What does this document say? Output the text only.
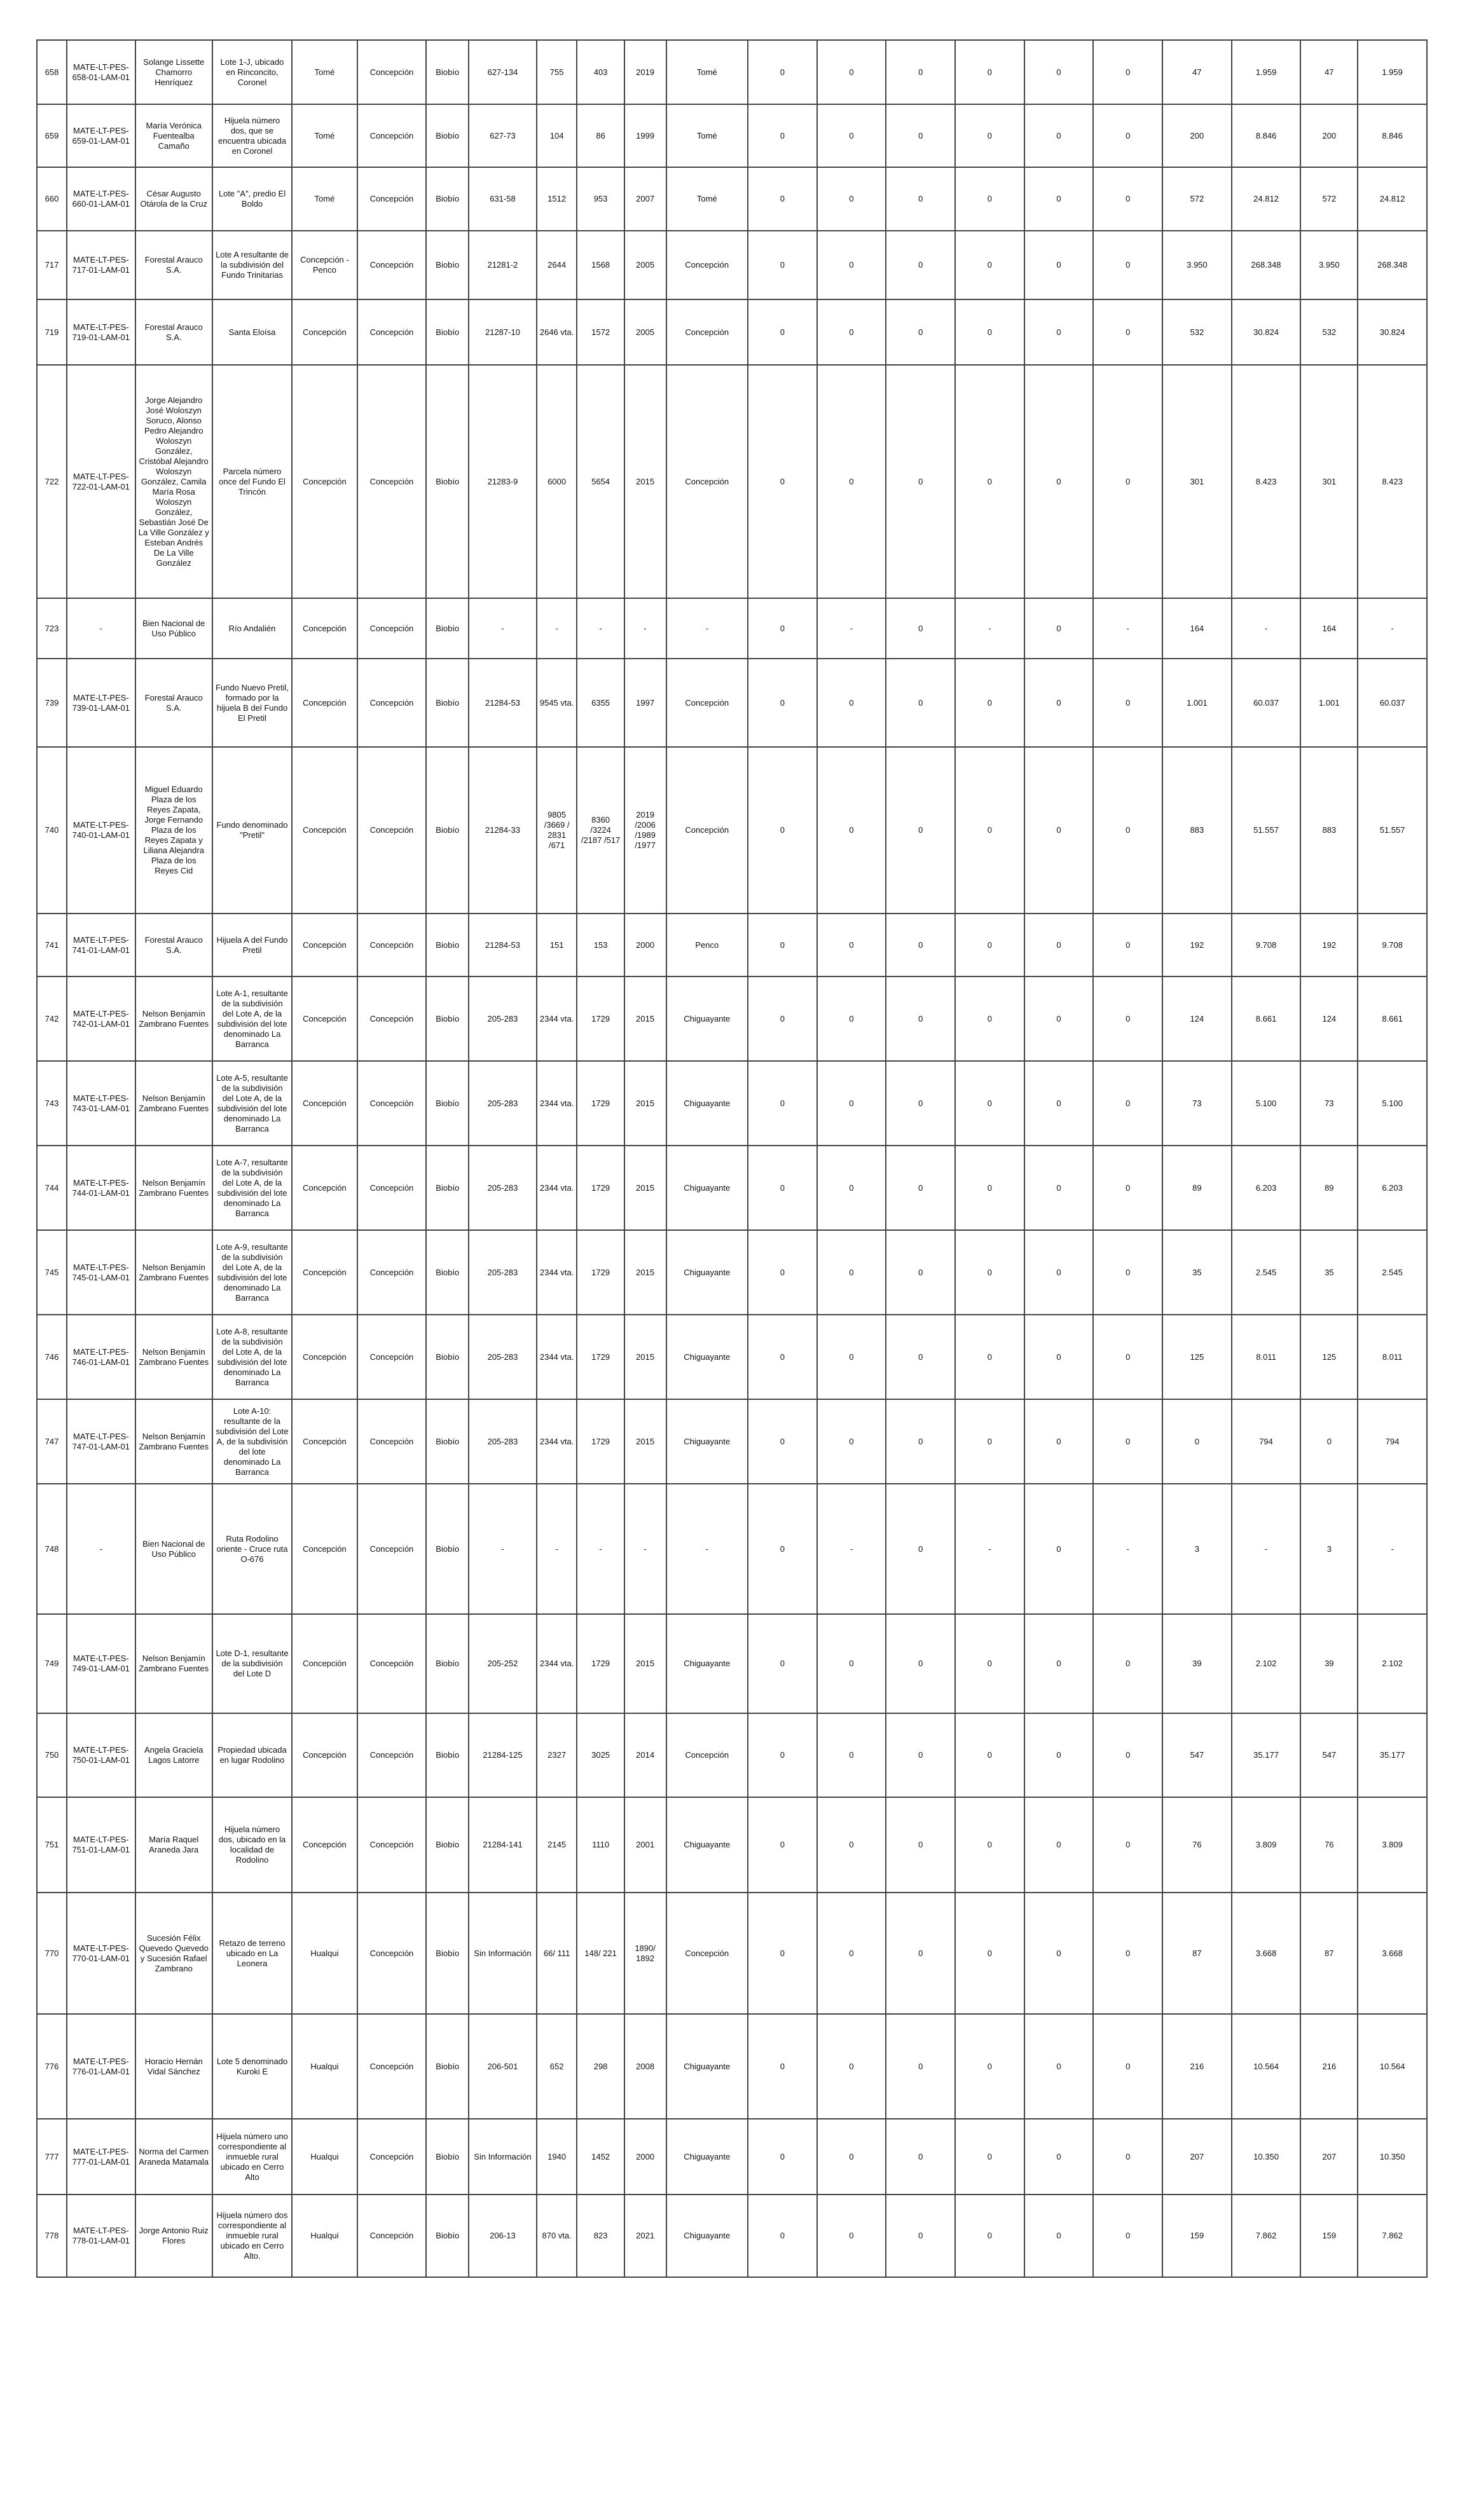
658	MATE-LT-PES-658-01-LAM-01	Solange Lissette Chamorro Henríquez	Lote 1-J, ubicado en Rinconcito, Coronel	Tomé	Concepción	Biobío	627-134	755	403	2019	Tomé	0	0	0	0	0	0	47	1.959	47	1.959
659	MATE-LT-PES-659-01-LAM-01	María Verónica Fuentealba Camaño	Hijuela número dos, que se encuentra ubicada en Coronel	Tomé	Concepción	Biobío	627-73	104	86	1999	Tomé	0	0	0	0	0	0	200	8.846	200	8.846
660	MATE-LT-PES-660-01-LAM-01	César Augusto Otárola de la Cruz	Lote "A", predio El Boldo	Tomé	Concepción	Biobío	631-58	1512	953	2007	Tomé	0	0	0	0	0	0	572	24.812	572	24.812
717	MATE-LT-PES-717-01-LAM-01	Forestal Arauco S.A.	Lote A resultante de la subdivisión del Fundo Trinitarias	Concepción - Penco	Concepción	Biobío	21281-2	2644	1568	2005	Concepción	0	0	0	0	0	0	3.950	268.348	3.950	268.348
719	MATE-LT-PES-719-01-LAM-01	Forestal Arauco S.A.	Santa Eloísa	Concepción	Concepción	Biobío	21287-10	2646 vta.	1572	2005	Concepción	0	0	0	0	0	0	532	30.824	532	30.824
722	MATE-LT-PES-722-01-LAM-01	Jorge Alejandro José Woloszyn Soruco, Alonso Pedro Alejandro Woloszyn González, Cristóbal Alejandro Woloszyn González, Camila María Rosa Woloszyn González, Sebastián José De La Ville González y Esteban Andrés De La Ville González	Parcela número once del Fundo El Trincón	Concepción	Concepción	Biobío	21283-9	6000	5654	2015	Concepción	0	0	0	0	0	0	301	8.423	301	8.423
723	-	Bien Nacional de Uso Público	Río Andalién	Concepción	Concepción	Biobío	-	-	-	-	-	0	-	0	-	0	-	164	-	164	-
739	MATE-LT-PES-739-01-LAM-01	Forestal Arauco S.A.	Fundo Nuevo Pretil, formado por la hijuela B del Fundo El Pretil	Concepción	Concepción	Biobío	21284-53	9545 vta.	6355	1997	Concepción	0	0	0	0	0	0	1.001	60.037	1.001	60.037
740	MATE-LT-PES-740-01-LAM-01	Miguel Eduardo Plaza de los Reyes Zapata, Jorge Fernando Plaza de los Reyes Zapata y Liliana Alejandra Plaza de los Reyes Cid	Fundo denominado "Pretil"	Concepción	Concepción	Biobío	21284-33	9805 /3669 / 2831 /671	8360 /3224 /2187 /517	2019 /2006 /1989 /1977	Concepción	0	0	0	0	0	0	883	51.557	883	51.557
741	MATE-LT-PES-741-01-LAM-01	Forestal Arauco S.A.	Hijuela A del Fundo Pretil	Concepción	Concepción	Biobío	21284-53	151	153	2000	Penco	0	0	0	0	0	0	192	9.708	192	9.708
742	MATE-LT-PES-742-01-LAM-01	Nelson Benjamín Zambrano Fuentes	Lote A-1, resultante de la subdivisión del Lote A, de la subdivisión del lote denominado La Barranca	Concepción	Concepción	Biobío	205-283	2344 vta.	1729	2015	Chiguayante	0	0	0	0	0	0	124	8.661	124	8.661
743	MATE-LT-PES-743-01-LAM-01	Nelson Benjamín Zambrano Fuentes	Lote A-5, resultante de la subdivisión del Lote A, de la subdivisión del lote denominado La Barranca	Concepción	Concepción	Biobío	205-283	2344 vta.	1729	2015	Chiguayante	0	0	0	0	0	0	73	5.100	73	5.100
744	MATE-LT-PES-744-01-LAM-01	Nelson Benjamín Zambrano Fuentes	Lote A-7, resultante de la subdivisión del Lote A, de la subdivisión del lote denominado La Barranca	Concepción	Concepción	Biobío	205-283	2344 vta.	1729	2015	Chiguayante	0	0	0	0	0	0	89	6.203	89	6.203
745	MATE-LT-PES-745-01-LAM-01	Nelson Benjamín Zambrano Fuentes	Lote A-9, resultante de la subdivisión del Lote A, de la subdivisión del lote denominado La Barranca	Concepción	Concepción	Biobío	205-283	2344 vta.	1729	2015	Chiguayante	0	0	0	0	0	0	35	2.545	35	2.545
746	MATE-LT-PES-746-01-LAM-01	Nelson Benjamín Zambrano Fuentes	Lote A-8, resultante de la subdivisión del Lote A, de la subdivisión del lote denominado La Barranca	Concepción	Concepción	Biobío	205-283	2344 vta.	1729	2015	Chiguayante	0	0	0	0	0	0	125	8.011	125	8.011
747	MATE-LT-PES-747-01-LAM-01	Nelson Benjamín Zambrano Fuentes	Lote A-10: resultante de la subdivisión del Lote A, de la subdivisión del lote denominado La Barranca	Concepción	Concepción	Biobío	205-283	2344 vta.	1729	2015	Chiguayante	0	0	0	0	0	0	0	794	0	794
748	-	Bien Nacional de Uso Público	Ruta Rodolino oriente - Cruce ruta O-676	Concepción	Concepción	Biobío	-	-	-	-	-	0	-	0	-	0	-	3	-	3	-
749	MATE-LT-PES-749-01-LAM-01	Nelson Benjamín Zambrano Fuentes	Lote D-1, resultante de la subdivisión del Lote D	Concepción	Concepción	Biobío	205-252	2344 vta.	1729	2015	Chiguayante	0	0	0	0	0	0	39	2.102	39	2.102
750	MATE-LT-PES-750-01-LAM-01	Angela Graciela Lagos Latorre	Propiedad ubicada en lugar Rodolino	Concepción	Concepción	Biobío	21284-125	2327	3025	2014	Concepción	0	0	0	0	0	0	547	35.177	547	35.177
751	MATE-LT-PES-751-01-LAM-01	María Raquel Araneda Jara	Hijuela número dos, ubicado en la localidad de Rodolino	Concepción	Concepción	Biobío	21284-141	2145	1110	2001	Chiguayante	0	0	0	0	0	0	76	3.809	76	3.809
770	MATE-LT-PES-770-01-LAM-01	Sucesión Félix Quevedo Quevedo y Sucesión Rafael Zambrano	Retazo de terreno ubicado en La Leonera	Hualqui	Concepción	Biobío	Sin Información	66/ 111	148/ 221	1890/ 1892	Concepción	0	0	0	0	0	0	87	3.668	87	3.668
776	MATE-LT-PES-776-01-LAM-01	Horacio Hernán Vidal Sánchez	Lote 5 denominado Kuroki E	Hualqui	Concepción	Biobío	206-501	652	298	2008	Chiguayante	0	0	0	0	0	0	216	10.564	216	10.564
777	MATE-LT-PES-777-01-LAM-01	Norma del Carmen Araneda Matamala	Hijuela número uno correspondiente al inmueble rural ubicado en Cerro Alto	Hualqui	Concepción	Biobío	Sin Información	1940	1452	2000	Chiguayante	0	0	0	0	0	0	207	10.350	207	10.350
778	MATE-LT-PES-778-01-LAM-01	Jorge Antonio Ruiz Flores	Hijuela número dos correspondiente al inmueble rural ubicado en Cerro Alto.	Hualqui	Concepción	Biobío	206-13	870 vta.	823	2021	Chiguayante	0	0	0	0	0	0	159	7.862	159	7.862
